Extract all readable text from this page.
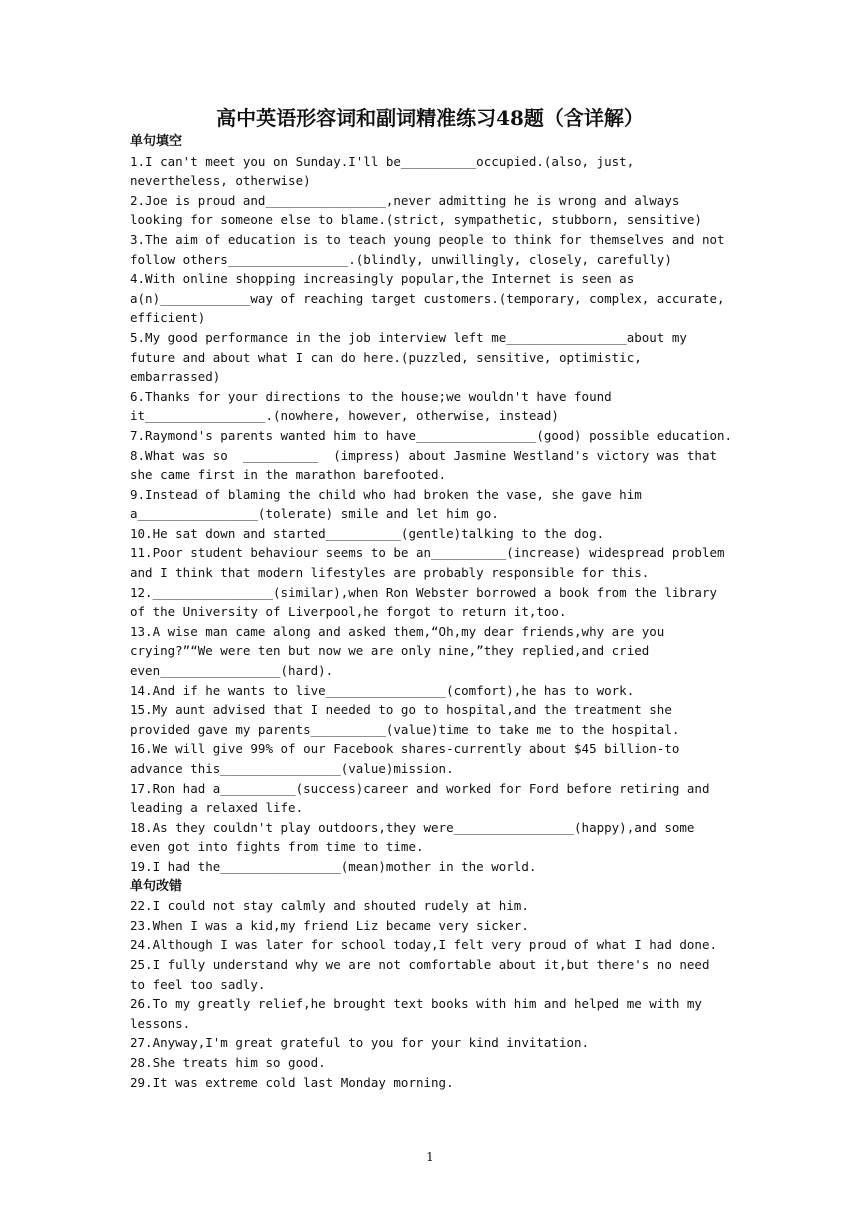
高中英语形容词和副词精准练习48题（含详解）
单句填空
1.I can't meet you on Sunday.I'll be__________occupied.(also, just,
nevertheless, otherwise)
2.Joe is proud and________________,never admitting he is wrong and always
looking for someone else to blame.(strict, sympathetic, stubborn, sensitive)
3.The aim of education is to teach young people to think for themselves and not
follow others________________.(blindly, unwillingly, closely, carefully)
4.With online shopping increasingly popular,the Internet is seen as
a(n)____________way of reaching target customers.(temporary, complex, accurate,
efficient)
5.My good performance in the job interview left me________________about my
future and about what I can do here.(puzzled, sensitive, optimistic,
embarrassed)
6.Thanks for your directions to the house;we wouldn't have found
it________________.(nowhere, however, otherwise, instead)
7.Raymond's parents wanted him to have________________(good) possible education.
8.What was so  __________  (impress) about Jasmine Westland's victory was that
she came first in the marathon barefooted.
9.Instead of blaming the child who had broken the vase, she gave him
a________________(tolerate) smile and let him go.
10.He sat down and started__________(gentle)talking to the dog.
11.Poor student behaviour seems to be an__________(increase) widespread problem
and I think that modern lifestyles are probably responsible for this.
12.________________(similar),when Ron Webster borrowed a book from the library
of the University of Liverpool,he forgot to return it,too.
13.A wise man came along and asked them,“Oh,my dear friends,why are you
crying?”“We were ten but now we are only nine,”they replied,and cried
even________________(hard).
14.And if he wants to live________________(comfort),he has to work.
15.My aunt advised that I needed to go to hospital,and the treatment she
provided gave my parents__________(value)time to take me to the hospital.
16.We will give 99% of our Facebook shares-currently about $45 billion-to
advance this________________(value)mission.
17.Ron had a__________(success)career and worked for Ford before retiring and
leading a relaxed life.
18.As they couldn't play outdoors,they were________________(happy),and some
even got into fights from time to time.
19.I had the________________(mean)mother in the world.
单句改错
22.I could not stay calmly and shouted rudely at him.
23.When I was a kid,my friend Liz became very sicker.
24.Although I was later for school today,I felt very proud of what I had done.
25.I fully understand why we are not comfortable about it,but there's no need
to feel too sadly.
26.To my greatly relief,he brought text books with him and helped me with my
lessons.
27.Anyway,I'm great grateful to you for your kind invitation.
28.She treats him so good.
29.It was extreme cold last Monday morning.
1
